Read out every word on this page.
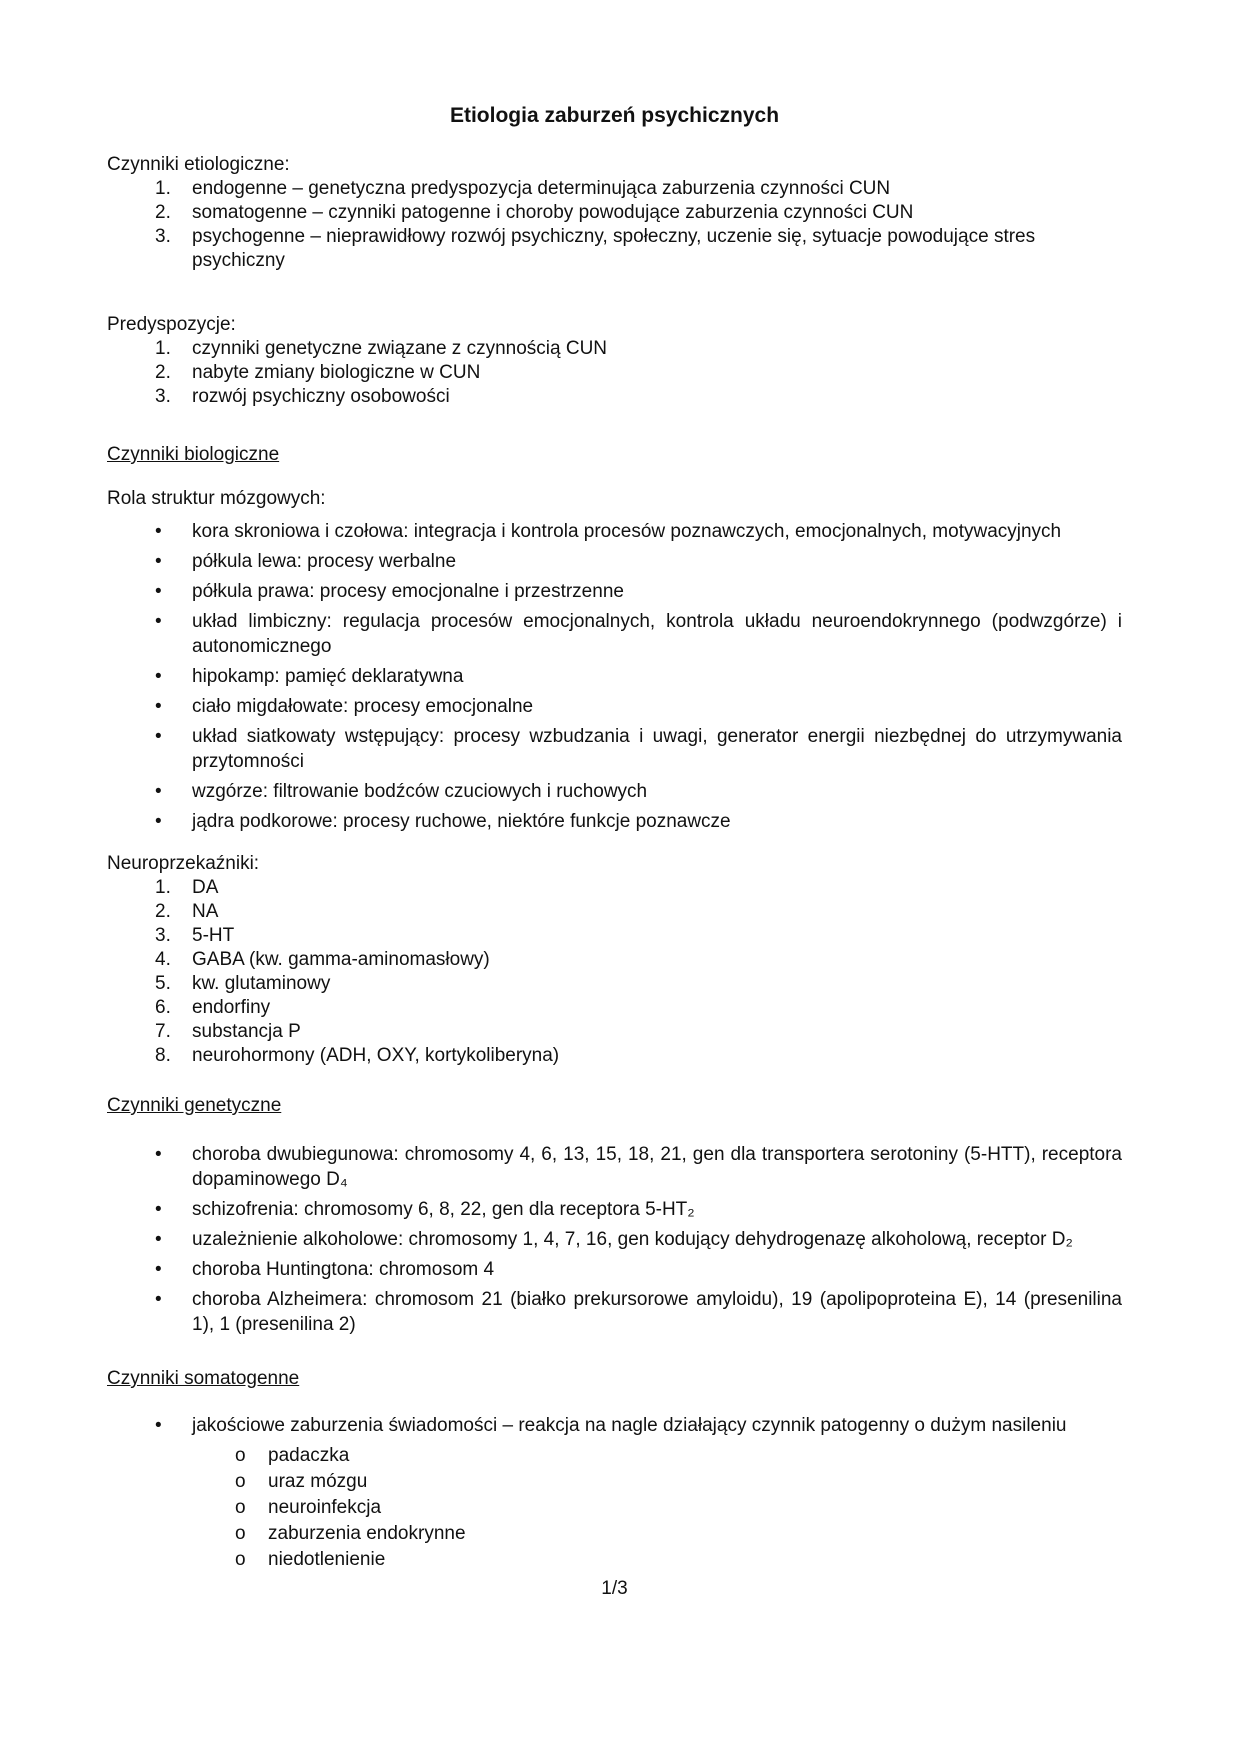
Etiologia zaburzeń psychicznych

Czynniki etiologiczne:

1.	endogenne – genetyczna predyspozycja determinująca zaburzenia czynności CUN
2.	somatogenne – czynniki patogenne i choroby powodujące zaburzenia czynności CUN
3.	psychogenne – nieprawidłowy rozwój psychiczny, społeczny, uczenie się, sytuacje powodujące stres psychiczny

Predyspozycje:

1.	czynniki genetyczne związane z czynnością CUN
2.	nabyte zmiany biologiczne w CUN
3.	rozwój psychiczny osobowości

Czynniki biologiczne

Rola struktur mózgowych:

•	kora skroniowa i czołowa: integracja i kontrola procesów poznawczych, emocjonalnych, motywacyjnych
•	półkula lewa: procesy werbalne
•	półkula prawa: procesy emocjonalne i przestrzenne
•	układ limbiczny: regulacja procesów emocjonalnych, kontrola układu neuroendokrynnego (podwzgórze) i autonomicznego
•	hipokamp: pamięć deklaratywna
•	ciało migdałowate: procesy emocjonalne
•	układ siatkowaty wstępujący: procesy wzbudzania i uwagi, generator energii niezbędnej do utrzymywania przytomności
•	wzgórze: filtrowanie bodźców czuciowych i ruchowych
•	jądra podkorowe: procesy ruchowe, niektóre funkcje poznawcze

Neuroprzekaźniki:

1.	DA
2.	NA
3.	5-HT
4.	GABA (kw. gamma-aminomasłowy)
5.	kw. glutaminowy
6.	endorfiny
7.	substancja P
8.	neurohormony (ADH, OXY, kortykoliberyna)

Czynniki genetyczne

•	choroba dwubiegunowa: chromosomy 4, 6, 13, 15, 18, 21, gen dla transportera serotoniny (5-HTT), receptora dopaminowego D₄
•	schizofrenia: chromosomy 6, 8, 22, gen dla receptora 5-HT₂
•	uzależnienie alkoholowe: chromosomy 1, 4, 7, 16, gen kodujący dehydrogenazę alkoholową, receptor D₂
•	choroba Huntingtona: chromosom 4
•	choroba Alzheimera: chromosom 21 (białko prekursorowe amyloidu), 19 (apolipoproteina E), 14 (presenilina 1), 1 (presenilina 2)

Czynniki somatogenne

•	jakościowe zaburzenia świadomości – reakcja na nagle działający czynnik patogenny o dużym nasileniu
o	padaczka
o	uraz mózgu
o	neuroinfekcja
o	zaburzenia endokrynne
o	niedotlenienie

1/3
